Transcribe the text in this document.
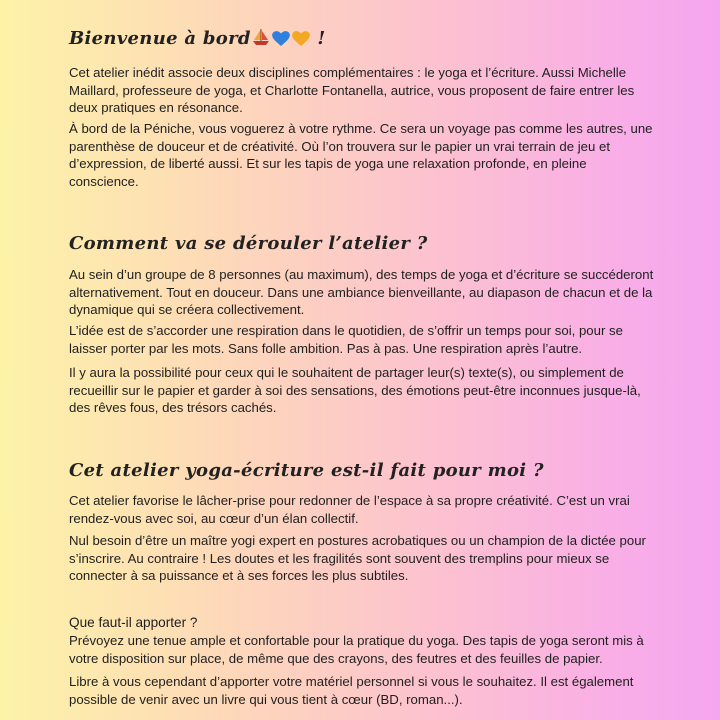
Bienvenue à bord	!

Cet atelier inédit associe deux disciplines complémentaires : le yoga et l’écriture. Aussi Michelle Maillard, professeure de yoga, et Charlotte Fontanella, autrice, vous proposent de faire entrer les deux pratiques en résonance.

À bord de la Péniche, vous voguerez à votre rythme. Ce sera un voyage pas comme les autres, une parenthèse de douceur et de créativité. Où l’on trouvera sur le papier un vrai terrain de jeu et d’expression, de liberté aussi. Et sur les tapis de yoga une relaxation profonde, en pleine conscience.

Comment va se dérouler l’atelier ?

Au sein d’un groupe de 8 personnes (au maximum), des temps de yoga et d’écriture se succéderont alternativement. Tout en douceur. Dans une ambiance bienveillante, au diapason de chacun et de la dynamique qui se créera collectivement.

L’idée est de s’accorder une respiration dans le quotidien, de s’offrir un temps pour soi, pour se laisser porter par les mots. Sans folle ambition. Pas à pas. Une respiration après l’autre.

Il y aura la possibilité pour ceux qui le souhaitent de partager leur(s) texte(s), ou simplement de recueillir sur le papier et garder à soi des sensations, des émotions peut-être inconnues jusque-là, des rêves fous, des trésors cachés.

Cet atelier yoga-écriture est-il fait pour moi ?

Cet atelier favorise le lâcher-prise pour redonner de l’espace à sa propre créativité. C’est un vrai rendez-vous avec soi, au cœur d’un élan collectif.

Nul besoin d’être un maître yogi expert en postures acrobatiques ou un champion de la dictée pour s’inscrire. Au contraire ! Les doutes et les fragilités sont souvent des tremplins pour mieux se connecter à sa puissance et à ses forces les plus subtiles.

Que faut-il apporter ?

Prévoyez une tenue ample et confortable pour la pratique du yoga. Des tapis de yoga seront mis à votre disposition sur place, de même que des crayons, des feutres et des feuilles de papier.

Libre à vous cependant d’apporter votre matériel personnel si vous le souhaitez. Il est également possible de venir avec un livre qui vous tient à cœur (BD, roman...).
